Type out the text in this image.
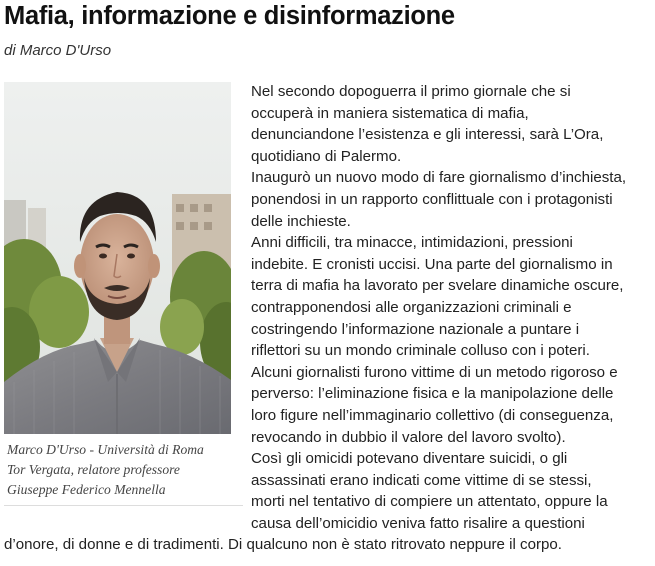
Mafia, informazione e disinformazione
di Marco D'Urso

Nel secondo dopoguerra il primo giornale che si
occuperà in maniera sistematica di mafia,
denunciandone l’esistenza e gli interessi, sarà L’Ora,
quotidiano di Palermo.

Inaugurò un nuovo modo di fare giornalismo d’inchiesta,
ponendosi in un rapporto conflittuale con i protagonisti
delle inchieste.

Anni difficili, tra minacce, intimidazioni, pressioni
indebite. E cronisti uccisi. Una parte del giornalismo in
terra di mafia ha lavorato per svelare dinamiche oscure,
contrapponendosi alle organizzazioni criminali e
costringendo l’informazione nazionale a puntare i
riflettori su un mondo criminale colluso con i poteri.

Alcuni giornalisti furono vittime di un metodo rigoroso e
perverso: l’eliminazione fisica e la manipolazione delle
loro figure nell’immaginario collettivo (di conseguenza,
revocando in dubbio il valore del lavoro svolto).

Così gli omicidi potevano diventare suicidi, o gli
assassinati erano indicati come vittime di se stessi,
morti nel tentativo di compiere un attentato, oppure la
causa dell’omicidio veniva fatto risalire a questioni
d’onore, di donne e di tradimenti. Di qualcuno non è stato ritrovato neppure il corpo.

Marco D'Urso - Università di Roma
Tor Vergata, relatore professore
Giuseppe Federico Mennella
